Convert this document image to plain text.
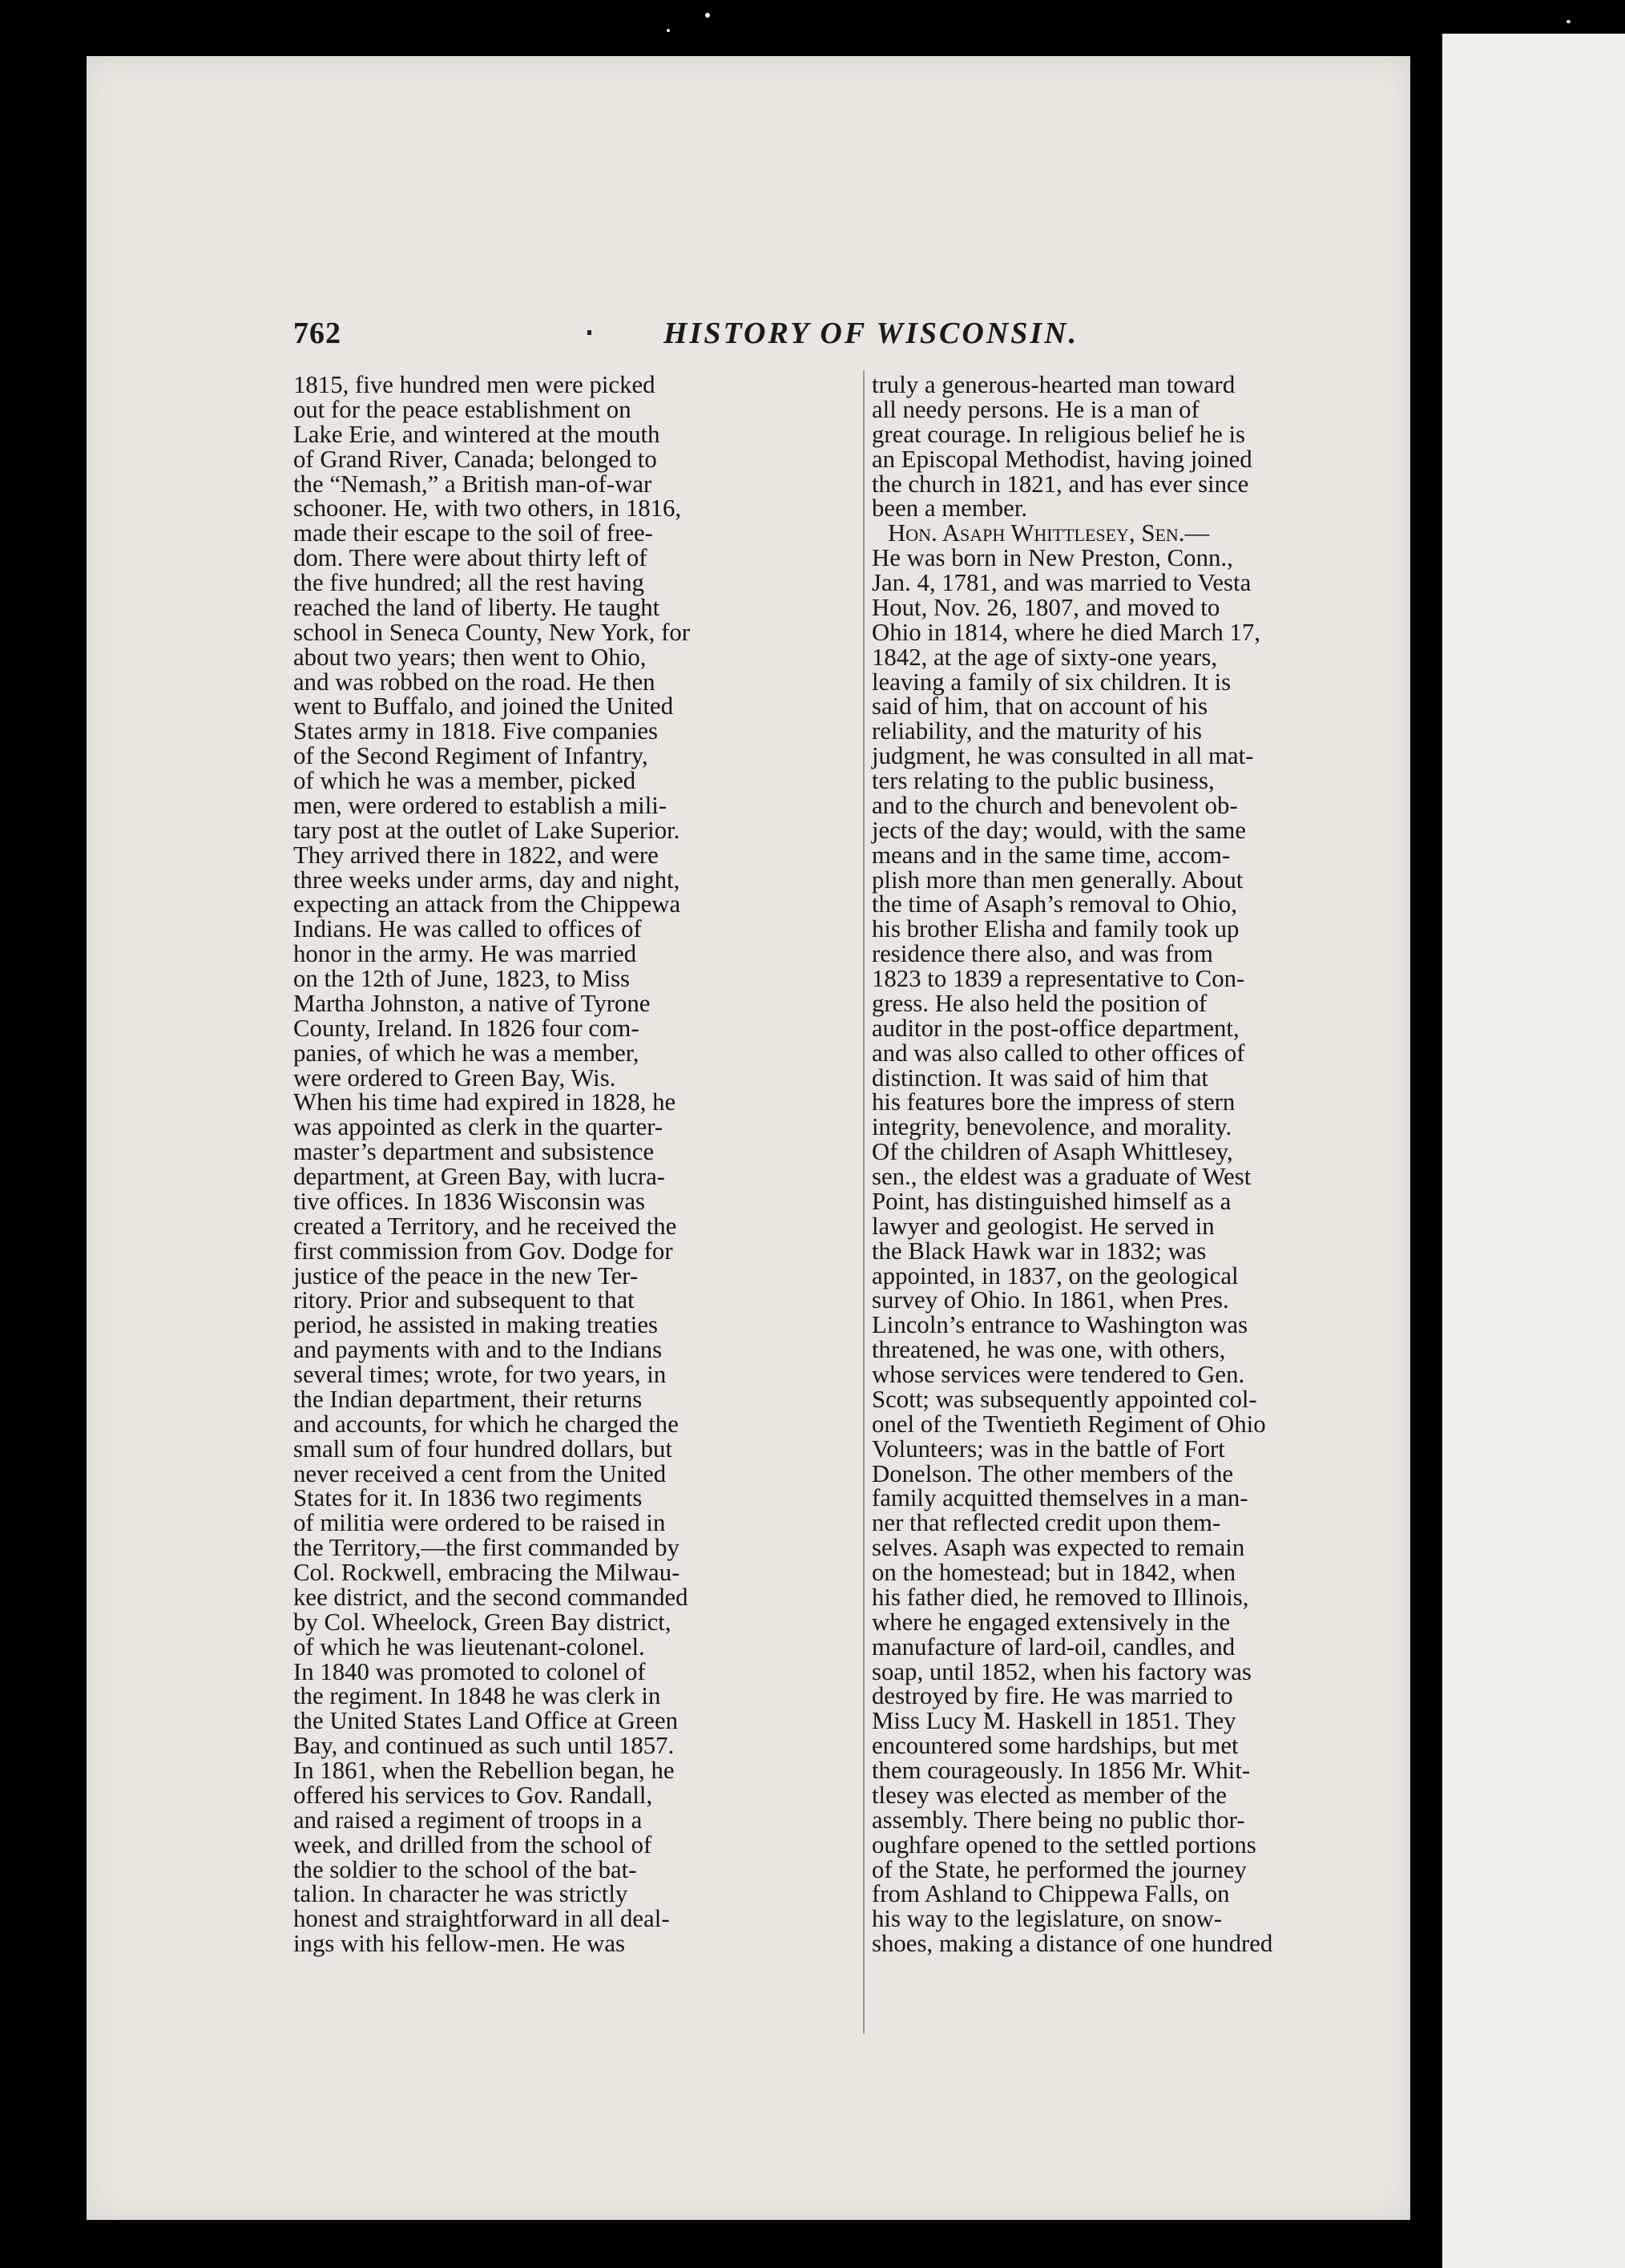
762	HISTORY OF WISCONSIN.
1815, five hundred men were picked
out for the peace establishment on
Lake Erie, and wintered at the mouth
of Grand River, Canada; belonged to
the “Nemash,” a British man-of-war
schooner. He, with two others, in 1816,
made their escape to the soil of free-
dom. There were about thirty left of
the five hundred; all the rest having
reached the land of liberty. He taught
school in Seneca County, New York, for
about two years; then went to Ohio,
and was robbed on the road. He then
went to Buffalo, and joined the United
States army in 1818. Five companies
of the Second Regiment of Infantry,
of which he was a member, picked
men, were ordered to establish a mili-
tary post at the outlet of Lake Superior.
They arrived there in 1822, and were
three weeks under arms, day and night,
expecting an attack from the Chippewa
Indians. He was called to offices of
honor in the army. He was married
on the 12th of June, 1823, to Miss
Martha Johnston, a native of Tyrone
County, Ireland. In 1826 four com-
panies, of which he was a member,
were ordered to Green Bay, Wis.
When his time had expired in 1828, he
was appointed as clerk in the quarter-
master’s department and subsistence
department, at Green Bay, with lucra-
tive offices. In 1836 Wisconsin was
created a Territory, and he received the
first commission from Gov. Dodge for
justice of the peace in the new Ter-
ritory. Prior and subsequent to that
period, he assisted in making treaties
and payments with and to the Indians
several times; wrote, for two years, in
the Indian department, their returns
and accounts, for which he charged the
small sum of four hundred dollars, but
never received a cent from the United
States for it. In 1836 two regiments
of militia were ordered to be raised in
the Territory,—the first commanded by
Col. Rockwell, embracing the Milwau-
kee district, and the second commanded
by Col. Wheelock, Green Bay district,
of which he was lieutenant-colonel.
In 1840 was promoted to colonel of
the regiment. In 1848 he was clerk in
the United States Land Office at Green
Bay, and continued as such until 1857.
In 1861, when the Rebellion began, he
offered his services to Gov. Randall,
and raised a regiment of troops in a
week, and drilled from the school of
the soldier to the school of the bat-
talion. In character he was strictly
honest and straightforward in all deal-
ings with his fellow-men. He was
truly a generous-hearted man toward
all needy persons. He is a man of
great courage. In religious belief he is
an Episcopal Methodist, having joined
the church in 1821, and has ever since
been a member.
Hon. Asaph Whittlesey, Sen.—
He was born in New Preston, Conn.,
Jan. 4, 1781, and was married to Vesta
Hout, Nov. 26, 1807, and moved to
Ohio in 1814, where he died March 17,
1842, at the age of sixty-one years,
leaving a family of six children. It is
said of him, that on account of his
reliability, and the maturity of his
judgment, he was consulted in all mat-
ters relating to the public business,
and to the church and benevolent ob-
jects of the day; would, with the same
means and in the same time, accom-
plish more than men generally. About
the time of Asaph’s removal to Ohio,
his brother Elisha and family took up
residence there also, and was from
1823 to 1839 a representative to Con-
gress. He also held the position of
auditor in the post-office department,
and was also called to other offices of
distinction. It was said of him that
his features bore the impress of stern
integrity, benevolence, and morality.
Of the children of Asaph Whittlesey,
sen., the eldest was a graduate of West
Point, has distinguished himself as a
lawyer and geologist. He served in
the Black Hawk war in 1832; was
appointed, in 1837, on the geological
survey of Ohio. In 1861, when Pres.
Lincoln’s entrance to Washington was
threatened, he was one, with others,
whose services were tendered to Gen.
Scott; was subsequently appointed col-
onel of the Twentieth Regiment of Ohio
Volunteers; was in the battle of Fort
Donelson. The other members of the
family acquitted themselves in a man-
ner that reflected credit upon them-
selves. Asaph was expected to remain
on the homestead; but in 1842, when
his father died, he removed to Illinois,
where he engaged extensively in the
manufacture of lard-oil, candles, and
soap, until 1852, when his factory was
destroyed by fire. He was married to
Miss Lucy M. Haskell in 1851. They
encountered some hardships, but met
them courageously. In 1856 Mr. Whit-
tlesey was elected as member of the
assembly. There being no public thor-
oughfare opened to the settled portions
of the State, he performed the journey
from Ashland to Chippewa Falls, on
his way to the legislature, on snow-
shoes, making a distance of one hundred
